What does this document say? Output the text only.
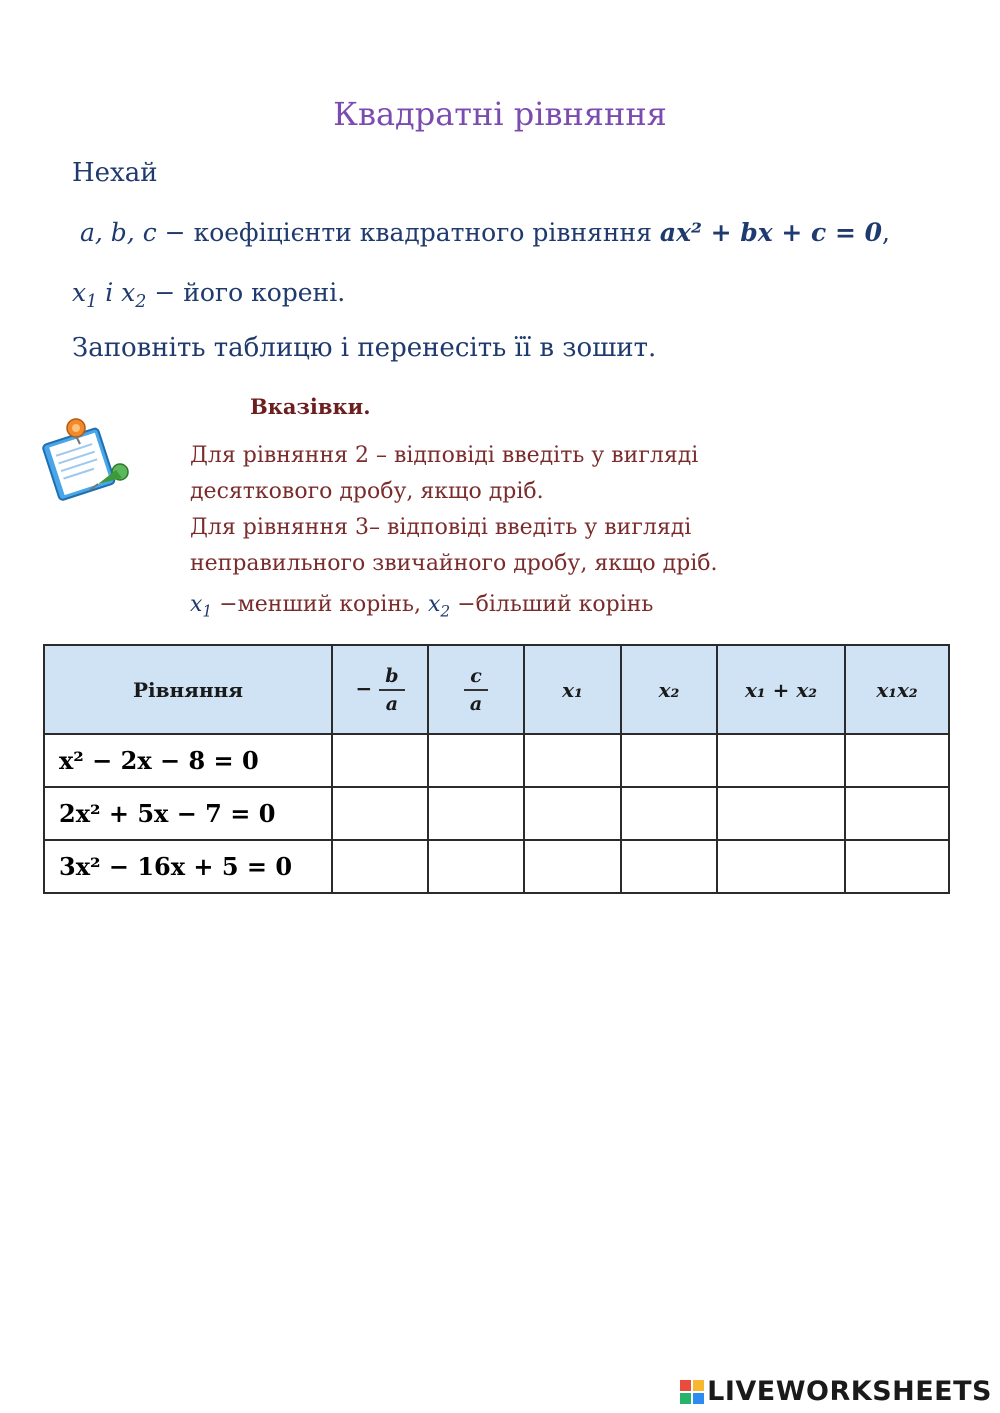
Квадратні рівняння
Нехай
a, b, c − коефіцієнти квадратного рівняння ax² + bx + c = 0,
$x_1$ і $x_2$ − його корені.
Заповніть таблицю і перенесіть її в зошит.
Вказівки.
Для рівняння 2 – відповіді введіть у вигляді
десяткового дробу, якщо дріб.
Для рівняння 3– відповіді введіть у вигляді
неправильного звичайного дробу, якщо дріб.
$x_1$ −менший корінь, $x_2$ −більший корінь
Рівняння	− $\frac{b}{a}$	$\frac{c}{a}$	x₁	x₂	x₁ + x₂	x₁x₂
x² − 2x − 8 = 0						
2x² + 5x − 7 = 0						
3x² − 16x + 5 = 0						
LIVEWORKSHEETS
